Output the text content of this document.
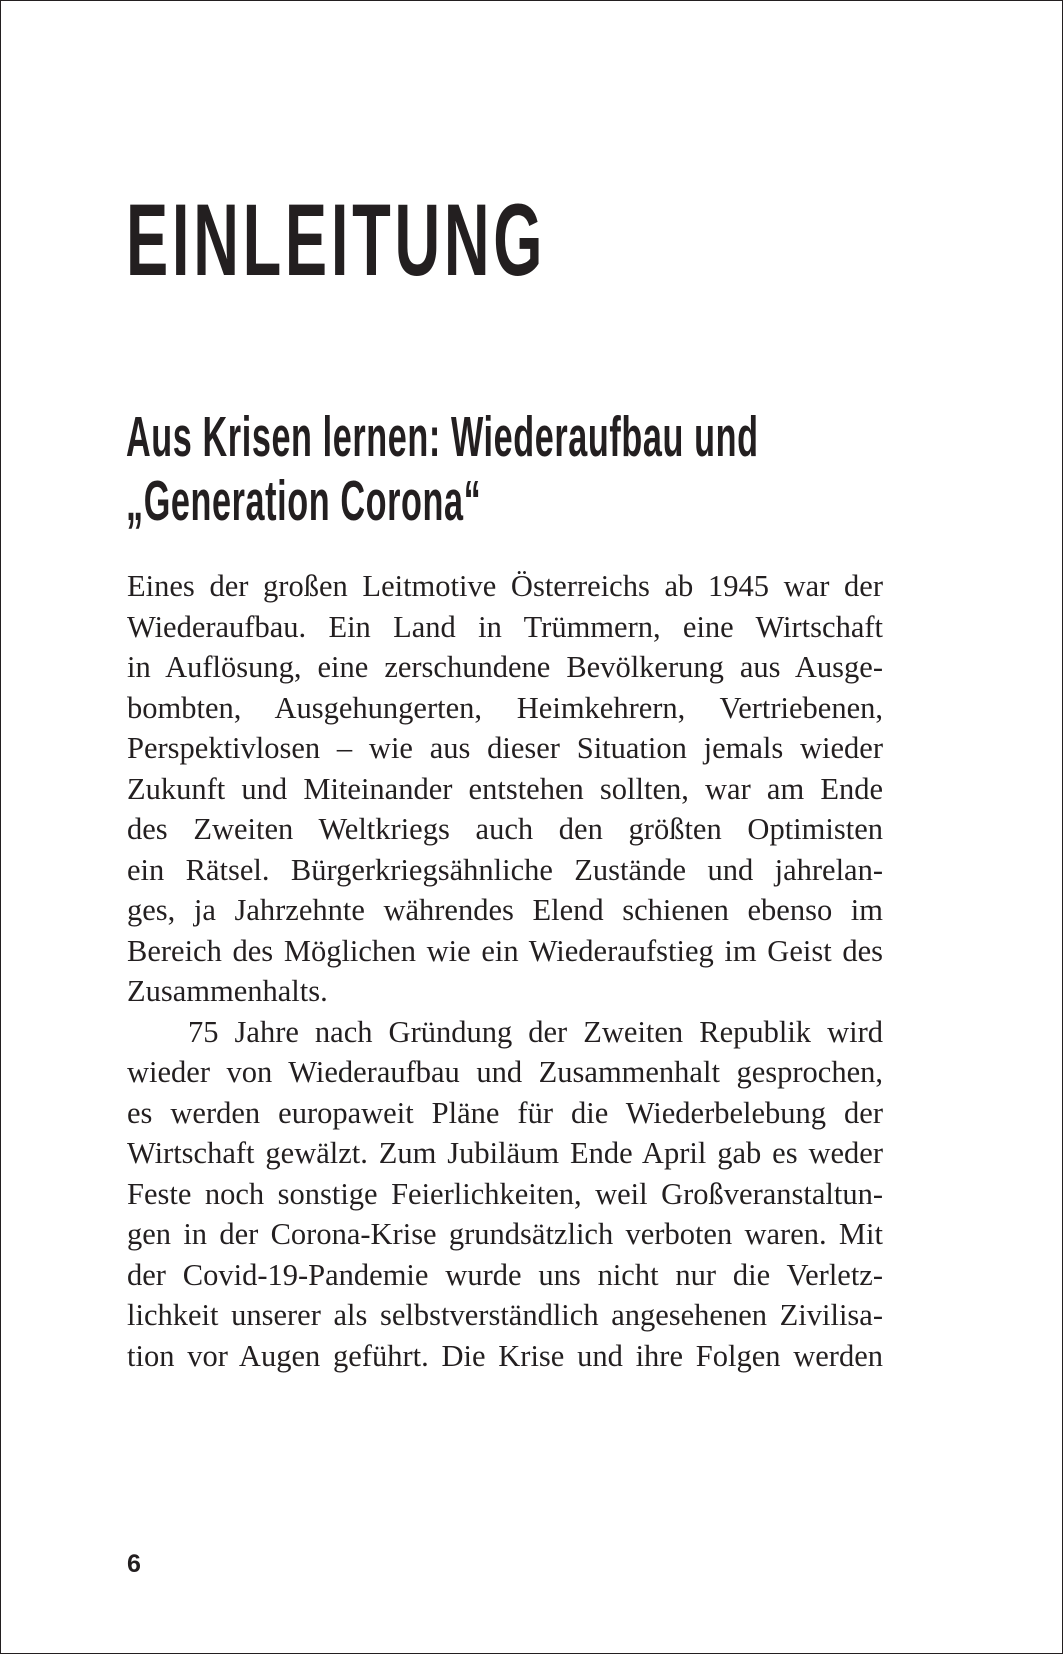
EINLEITUNG
Aus Krisen lernen: Wiederaufbau und
„Generation Corona“

Eines der großen Leitmotive Österreichs ab 1945 war der
Wiederaufbau. Ein Land in Trümmern, eine Wirtschaft
in Auflösung, eine zerschundene Bevölkerung aus Ausge-
bombten, Ausgehungerten, Heimkehrern, Vertriebenen,
Perspektivlosen – wie aus dieser Situation jemals wieder
Zukunft und Miteinander entstehen sollten, war am Ende
des Zweiten Weltkriegs auch den größten Optimisten
ein Rätsel. Bürgerkriegsähnliche Zustände und jahrelan-
ges, ja Jahrzehnte währendes Elend schienen ebenso im
Bereich des Möglichen wie ein Wiederaufstieg im Geist des
Zusammenhalts.

75 Jahre nach Gründung der Zweiten Republik wird
wieder von Wiederaufbau und Zusammenhalt gesprochen,
es werden europaweit Pläne für die Wiederbelebung der
Wirtschaft gewälzt. Zum Jubiläum Ende April gab es weder
Feste noch sonstige Feierlichkeiten, weil Großveranstaltun-
gen in der Corona-Krise grundsätzlich verboten waren. Mit
der Covid-19-Pandemie wurde uns nicht nur die Verletz-
lichkeit unserer als selbstverständlich angesehenen Zivilisa-
tion vor Augen geführt. Die Krise und ihre Folgen werden

6
